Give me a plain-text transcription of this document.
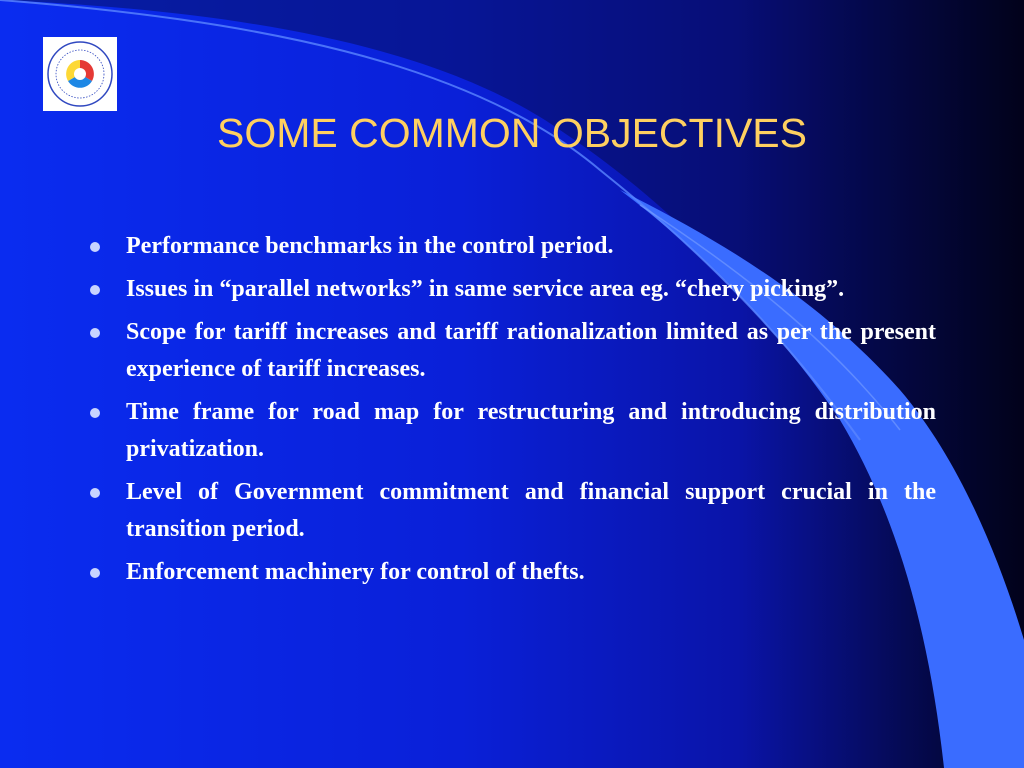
SOME COMMON OBJECTIVES
Performance benchmarks in the control period.
Issues in “parallel networks” in same service area eg. “chery picking”.
Scope for tariff increases and tariff rationalization limited as per the present experience of tariff increases.
Time frame for road map for restructuring and introducing distribution privatization.
Level of Government commitment and financial support crucial in the transition period.
Enforcement machinery for control of thefts.
